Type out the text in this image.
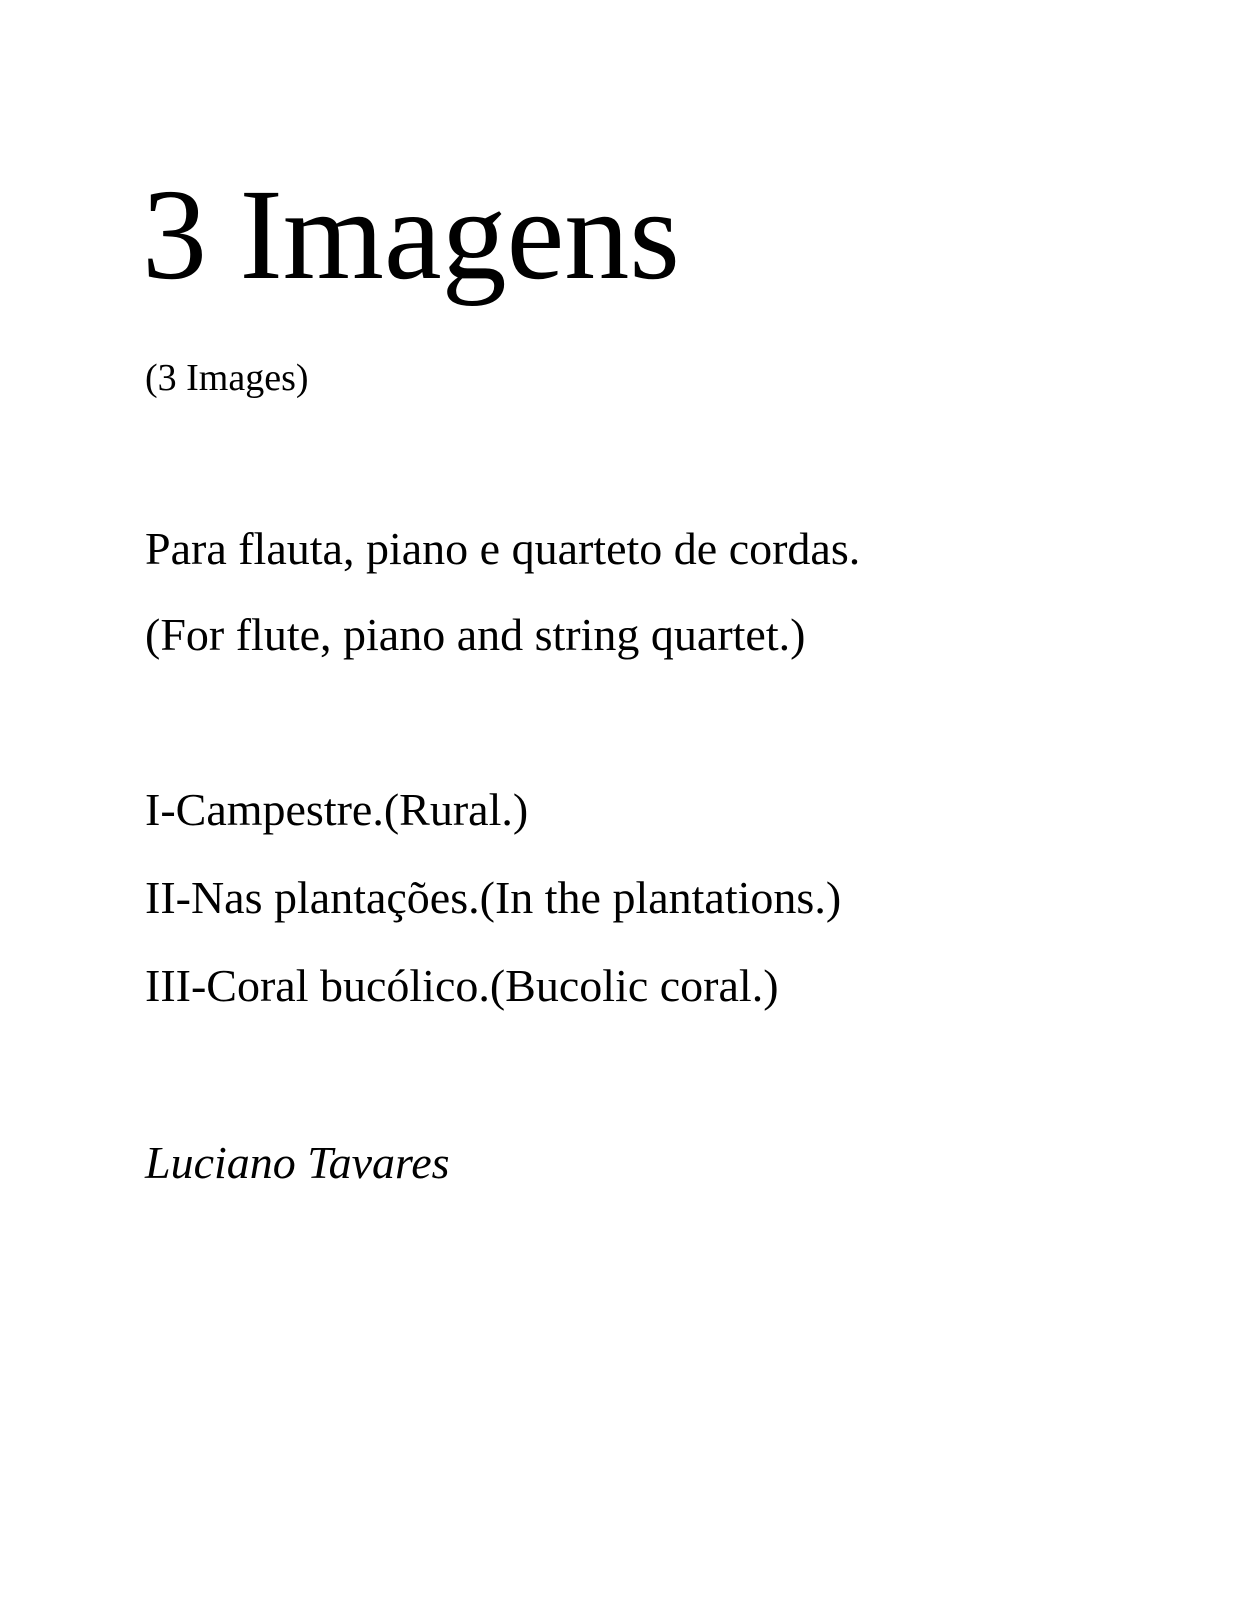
3 Imagens

(3 Images)

Para flauta, piano e quarteto de cordas.

(For flute, piano and string quartet.)

I-Campestre.(Rural.)

II-Nas plantações.(In the plantations.)

III-Coral bucólico.(Bucolic coral.)

Luciano Tavares
